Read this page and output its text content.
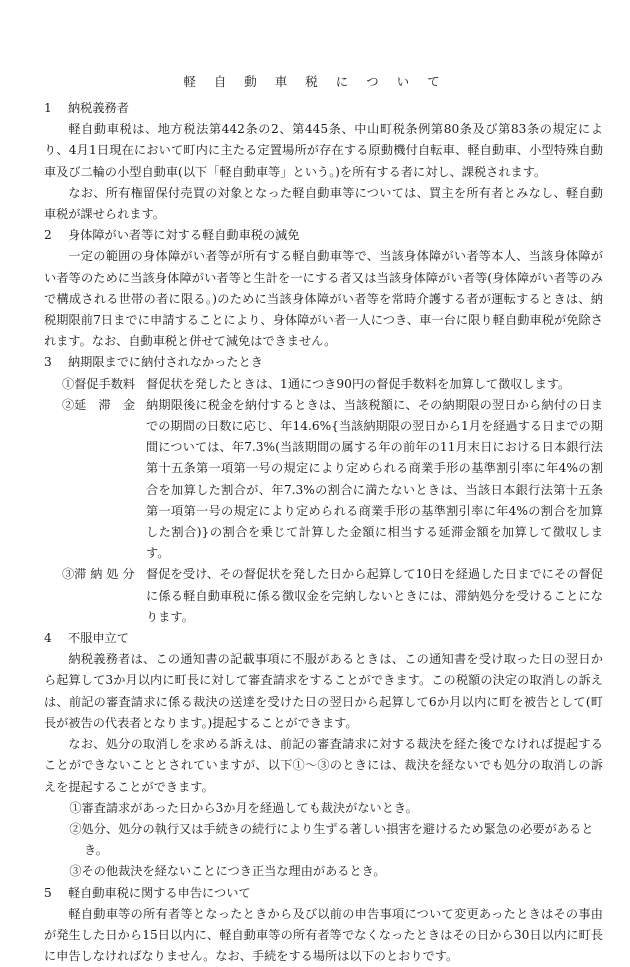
軽 自 動 車 税 に つ い て

1 納税義務者

軽自動車税は、地方税法第442条の2、第445条、中山町税条例第80条及び第83条の規定により、4月1日現在において町内に主たる定置場所が存在する原動機付自転車、軽自動車、小型特殊自動車及び二輪の小型自動車(以下「軽自動車等」という。)を所有する者に対し、課税されます。

なお、所有権留保付売買の対象となった軽自動車等については、買主を所有者とみなし、軽自動車税が課せられます。

2 身体障がい者等に対する軽自動車税の減免

一定の範囲の身体障がい者等が所有する軽自動車等で、当該身体障がい者等本人、当該身体障がい者等のために当該身体障がい者等と生計を一にする者又は当該身体障がい者等(身体障がい者等のみで構成される世帯の者に限る。)のために当該身体障がい者等を常時介護する者が運転するときは、納税期限前7日までに申請することにより、身体障がい者一人につき、車一台に限り軽自動車税が免除されます。なお、自動車税と併せて減免はできません。

3 納期限までに納付されなかったとき

①督促手数料 督促状を発したときは、1通につき90円の督促手数料を加算して徴収します。
②延　滞　金 納期限後に税金を納付するときは、当該税額に、その納期限の翌日から納付の日までの期間の日数に応じ、年14.6%{当該納期限の翌日から1月を経過する日までの期間については、年7.3%(当該期間の属する年の前年の11月末日における日本銀行法第十五条第一項第一号の規定により定められる商業手形の基準割引率に年4%の割合を加算した割合が、年7.3%の割合に満たないときは、当該日本銀行法第十五条第一項第一号の規定により定められる商業手形の基準割引率に年4%の割合を加算した割合)}の割合を乗じて計算した金額に相当する延滞金額を加算して徴収します。
③滞 納 処 分 督促を受け、その督促状を発した日から起算して10日を経過した日までにその督促に係る軽自動車税に係る徴収金を完納しないときには、滞納処分を受けることになります。

4 不服申立て

納税義務者は、この通知書の記載事項に不服があるときは、この通知書を受け取った日の翌日から起算して3か月以内に町長に対して審査請求をすることができます。この税額の決定の取消しの訴えは、前記の審査請求に係る裁決の送達を受けた日の翌日から起算して6か月以内に町を被告として(町長が被告の代表者となります。)提起することができます。

なお、処分の取消しを求める訴えは、前記の審査請求に対する裁決を経た後でなければ提起することができないこととされていますが、以下①～③のときには、裁決を経ないでも処分の取消しの訴えを提起することができます。

①審査請求があった日から3か月を経過しても裁決がないとき。

②処分、処分の執行又は手続きの続行により生ずる著しい損害を避けるため緊急の必要があるとき。

③その他裁決を経ないことにつき正当な理由があるとき。

5 軽自動車税に関する申告について

軽自動車等の所有者等となったときから及び以前の申告事項について変更あったときはその事由が発生した日から15日以内に、軽自動車等の所有者等でなくなったときはその日から30日以内に町長に申告しなければなりません。なお、手続をする場所は以下のとおりです。
